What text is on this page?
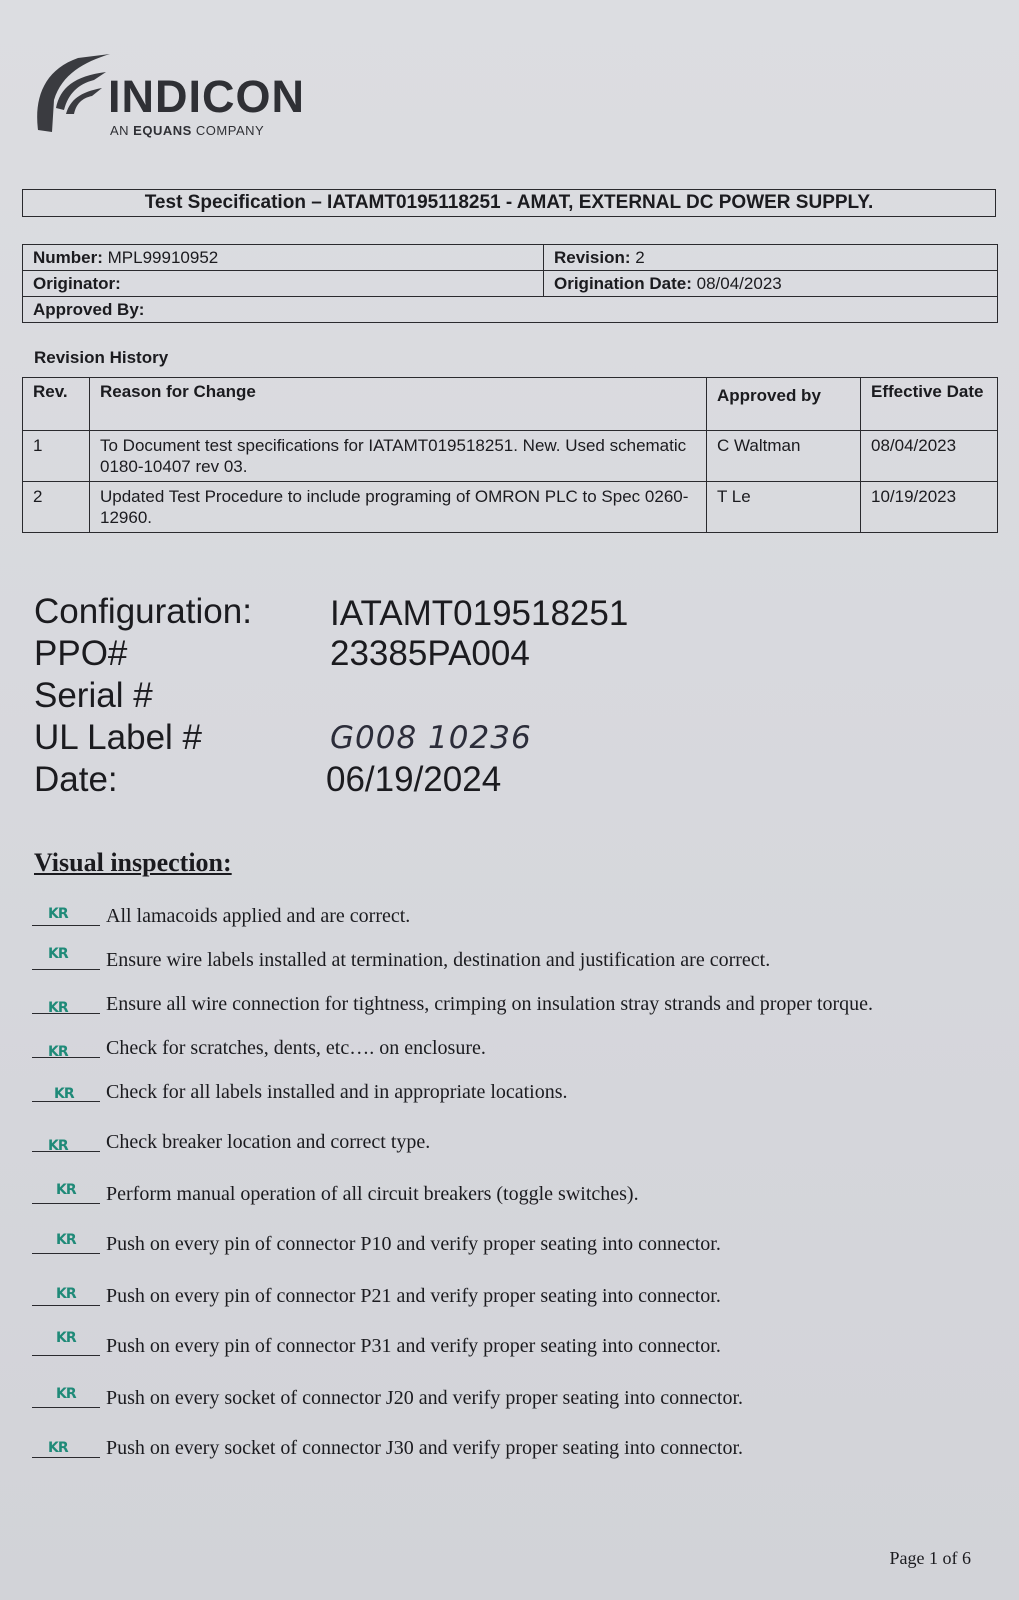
INDICON
AN EQUANS COMPANY
Test Specification – IATAMT0195118251 - AMAT, EXTERNAL DC POWER SUPPLY.
Number: MPL99910952	Revision: 2
Originator:	Origination Date: 08/04/2023
Approved By:	
Revision History
Rev.	Reason for Change	Approved by	Effective Date
1	To Document test specifications for IATAMT019518251. New. Used schematic 0180-10407 rev 03.	C Waltman	08/04/2023
2	Updated Test Procedure to include programing of OMRON PLC to Spec 0260-12960.	T Le	10/19/2023
Configuration: IATAMT019518251
PPO#	23385PA004
Serial #
UL Label #	G008 10236
Date:	06/19/2024
Visual inspection:
KR All lamacoids applied and are correct.
KR Ensure wire labels installed at termination, destination and justification are correct.
KR Ensure all wire connection for tightness, crimping on insulation stray strands and proper torque.
KR Check for scratches, dents, etc…. on enclosure.
KR Check for all labels installed and in appropriate locations.
KR Check breaker location and correct type.
KR Perform manual operation of all circuit breakers (toggle switches).
KR Push on every pin of connector P10 and verify proper seating into connector.
KR Push on every pin of connector P21 and verify proper seating into connector.
KR Push on every pin of connector P31 and verify proper seating into connector.
KR Push on every socket of connector J20 and verify proper seating into connector.
KR Push on every socket of connector J30 and verify proper seating into connector.
Page 1 of 6
